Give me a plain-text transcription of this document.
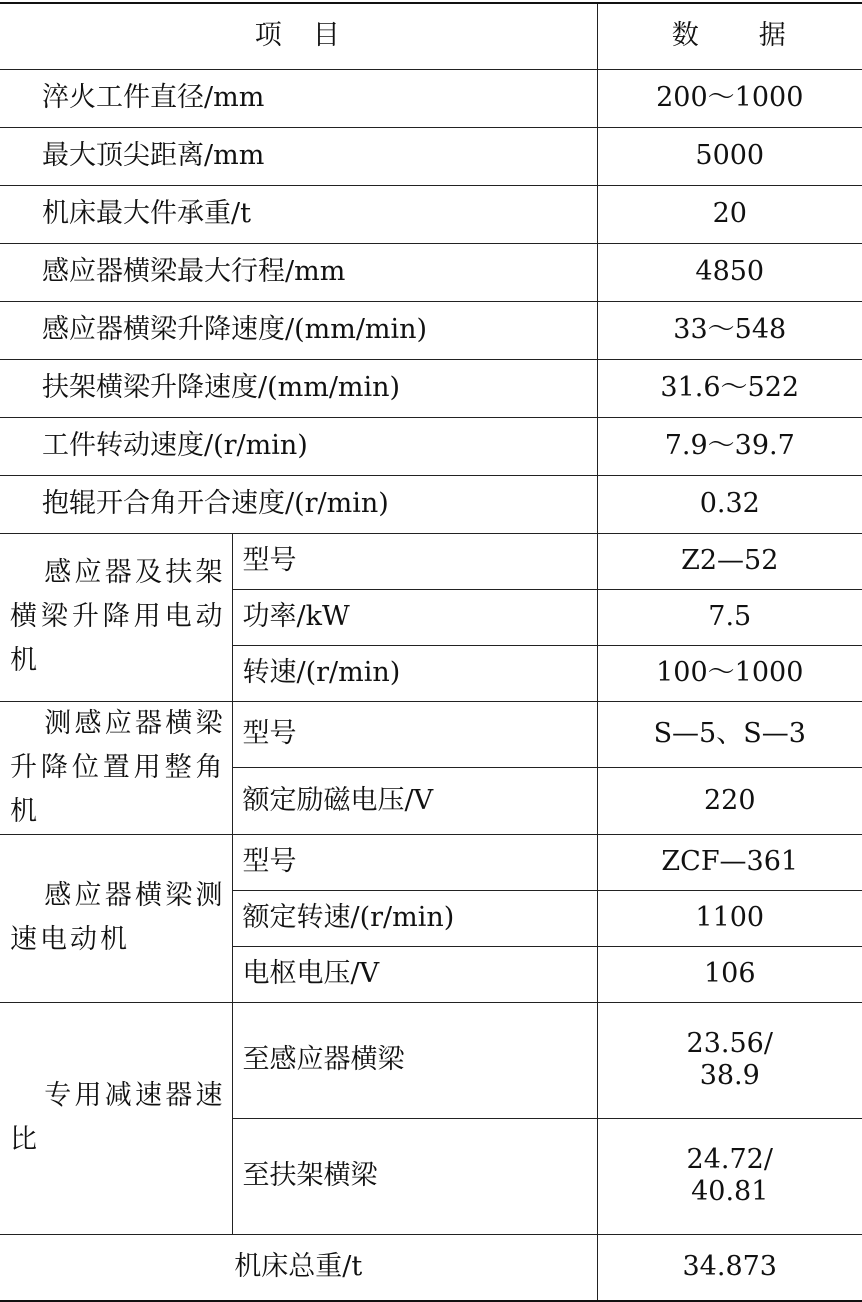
项　目		数　　据
淬火工件直径/mm		200～1000
最大顶尖距离/mm		5000
机床最大件承重/t		20
感应器横梁最大行程/mm		4850
感应器横梁升降速度/(mm/min)		33～548
扶架横梁升降速度/(mm/min)		31.6～522
工件转动速度/(r/min)		7.9～39.7
抱辊开合角开合速度/(r/min)		0.32
感应器及扶架横梁升降用电动机	型号	Z2—52
	功率/kW	7.5
	转速/(r/min)	100～1000
测感应器横梁升降位置用整角机	型号	S—5、S—3
	额定励磁电压/V	220
感应器横梁测速电动机	型号	ZCF—361
	额定转速/(r/min)	1100
	电枢电压/V	106
专用减速器速比	至感应器横梁	23.56/
38.9
	至扶架横梁	24.72/
40.81
机床总重/t		34.873
